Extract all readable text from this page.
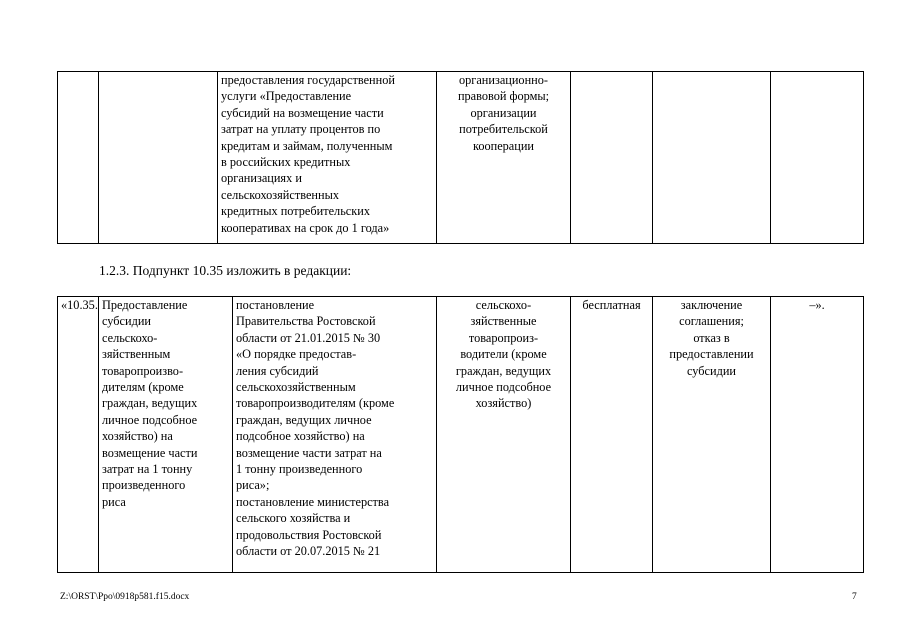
		предоставления государственной
услуги «Предоставление
субсидий на возмещение части
затрат на уплату процентов по
кредитам и займам, полученным
в российских кредитных
организациях и
сельскохозяйственных
кредитных потребительских
кооперативах на срок до 1 года»	организационно-
правовой формы;
организации
потребительской
кооперации			
1.2.3. Подпункт 10.35 изложить в редакции:
«10.35.	Предоставление
субсидии
сельскохо-
зяйственным
товаропроизво-
дителям (кроме
граждан, ведущих
личное подсобное
хозяйство) на
возмещение части
затрат на 1 тонну
произведенного
риса	постановление
Правительства Ростовской
области от 21.01.2015 № 30
«О порядке предостав-
ления субсидий
сельскохозяйственным
товаропроизводителям (кроме
граждан, ведущих личное
подсобное хозяйство) на
возмещение части затрат на
1 тонну произведенного
риса»;
постановление министерства
сельского хозяйства и
продовольствия Ростовской
области от 20.07.2015 № 21	сельскохо-
зяйственные
товаропроиз-
водители (кроме
граждан, ведущих
личное подсобное
хозяйство)	бесплатная	заключение
соглашения;
отказ в
предоставлении
субсидии	–».
Z:\ORST\Ppo\0918p581.f15.docx	7
